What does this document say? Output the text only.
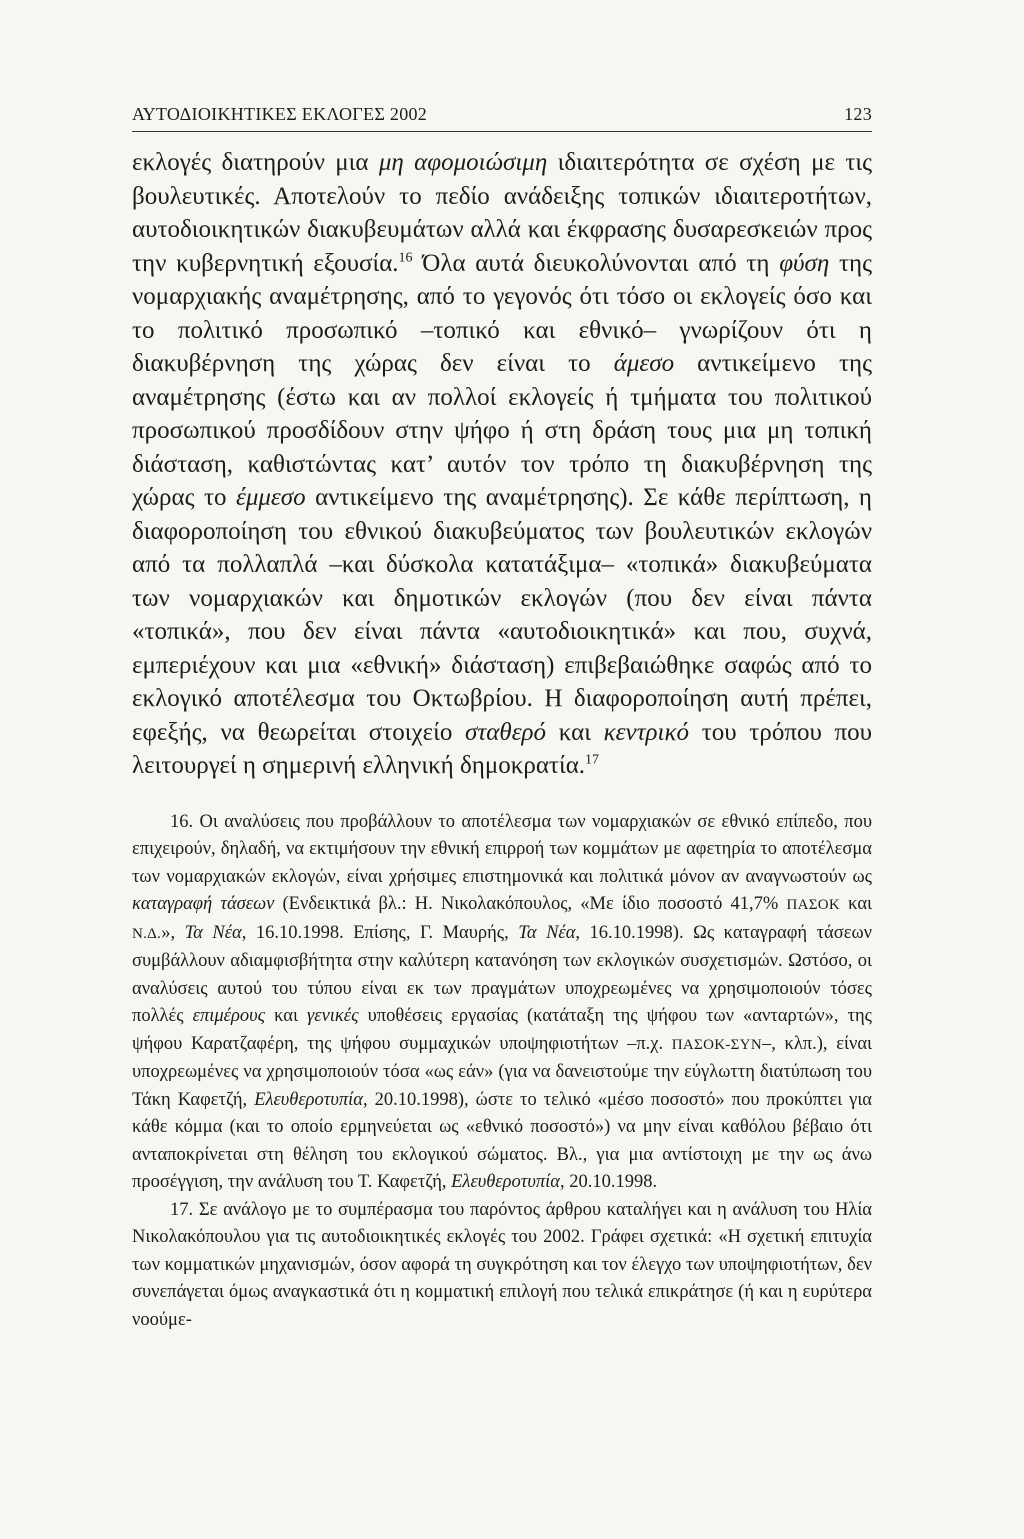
ΑΥΤΟΔΙΟΙΚΗΤΙΚΕΣ ΕΚΛΟΓΕΣ 2002	123

εκλογές διατηρούν μια μη αφομοιώσιμη ιδιαιτερότητα σε σχέση με τις βουλευτικές. Αποτελούν το πεδίο ανάδειξης τοπικών ιδιαιτεροτήτων, αυτοδιοικητικών διακυβευμάτων αλλά και έκφρασης δυσαρεσκειών προς την κυβερνητική εξουσία.$^{16}$ Όλα αυτά διευκολύνονται από τη φύση της νομαρχιακής αναμέτρησης, από το γεγονός ότι τόσο οι εκλογείς όσο και το πολιτικό προσωπικό –τοπικό και εθνικό– γνωρίζουν ότι η διακυβέρνηση της χώρας δεν είναι το άμεσο αντικείμενο της αναμέτρησης (έστω και αν πολλοί εκλογείς ή τμήματα του πολιτικού προσωπικού προσδίδουν στην ψήφο ή στη δράση τους μια μη τοπική διάσταση, καθιστώντας κατ’ αυτόν τον τρόπο τη διακυβέρνηση της χώρας το έμμεσο αντικείμενο της αναμέτρησης). Σε κάθε περίπτωση, η διαφοροποίηση του εθνικού διακυβεύματος των βουλευτικών εκλογών από τα πολλαπλά –και δύσκολα κατατάξιμα– «τοπικά» διακυβεύματα των νομαρχιακών και δημοτικών εκλογών (που δεν είναι πάντα «τοπικά», που δεν είναι πάντα «αυτοδιοικητικά» και που, συχνά, εμπεριέχουν και μια «εθνική» διάσταση) επιβεβαιώθηκε σαφώς από το εκλογικό αποτέλεσμα του Οκτωβρίου. Η διαφοροποίηση αυτή πρέπει, εφεξής, να θεωρείται στοιχείο σταθερό και κεντρικό του τρόπου που λειτουργεί η σημερινή ελληνική δημοκρατία.$^{17}$

16. Οι αναλύσεις που προβάλλουν το αποτέλεσμα των νομαρχιακών σε εθνικό επίπεδο, που επιχειρούν, δηλαδή, να εκτιμήσουν την εθνική επιρροή των κομμάτων με αφετηρία το αποτέλεσμα των νομαρχιακών εκλογών, είναι χρήσιμες επιστημονικά και πολιτικά μόνον αν αναγνωστούν ως καταγραφή τάσεων (Ενδεικτικά βλ.: Η. Νικολακόπουλος, «Με ίδιο ποσοστό 41,7% ΠΑΣΟΚ και Ν.Δ.», Τα Νέα, 16.10.1998. Επίσης, Γ. Μαυρής, Τα Νέα, 16.10.1998). Ως καταγραφή τάσεων συμβάλλουν αδιαμφισβήτητα στην καλύτερη κατανόηση των εκλογικών συσχετισμών. Ωστόσο, οι αναλύσεις αυτού του τύπου είναι εκ των πραγμάτων υποχρεωμένες να χρησιμοποιούν τόσες πολλές επιμέρους και γενικές υποθέσεις εργασίας (κατάταξη της ψήφου των «ανταρτών», της ψήφου Καρατζαφέρη, της ψήφου συμμαχικών υποψηφιοτήτων –π.χ. ΠΑΣΟΚ-ΣΥΝ–, κλπ.), είναι υποχρεωμένες να χρησιμοποιούν τόσα «ως εάν» (για να δανειστούμε την εύγλωττη διατύπωση του Τάκη Καφετζή, Ελευθεροτυπία, 20.10.1998), ώστε το τελικό «μέσο ποσοστό» που προκύπτει για κάθε κόμμα (και το οποίο ερμηνεύεται ως «εθνικό ποσοστό») να μην είναι καθόλου βέβαιο ότι ανταποκρίνεται στη θέληση του εκλογικού σώματος. Βλ., για μια αντίστοιχη με την ως άνω προσέγγιση, την ανάλυση του Τ. Καφετζή, Ελευθεροτυπία, 20.10.1998.

17. Σε ανάλογο με το συμπέρασμα του παρόντος άρθρου καταλήγει και η ανάλυση του Ηλία Νικολακόπουλου για τις αυτοδιοικητικές εκλογές του 2002. Γράφει σχετικά: «Η σχετική επιτυχία των κομματικών μηχανισμών, όσον αφορά τη συγκρότηση και τον έλεγχο των υποψηφιοτήτων, δεν συνεπάγεται όμως αναγκαστικά ότι η κομματική επιλογή που τελικά επικράτησε (ή και η ευρύτερα νοούμε-
